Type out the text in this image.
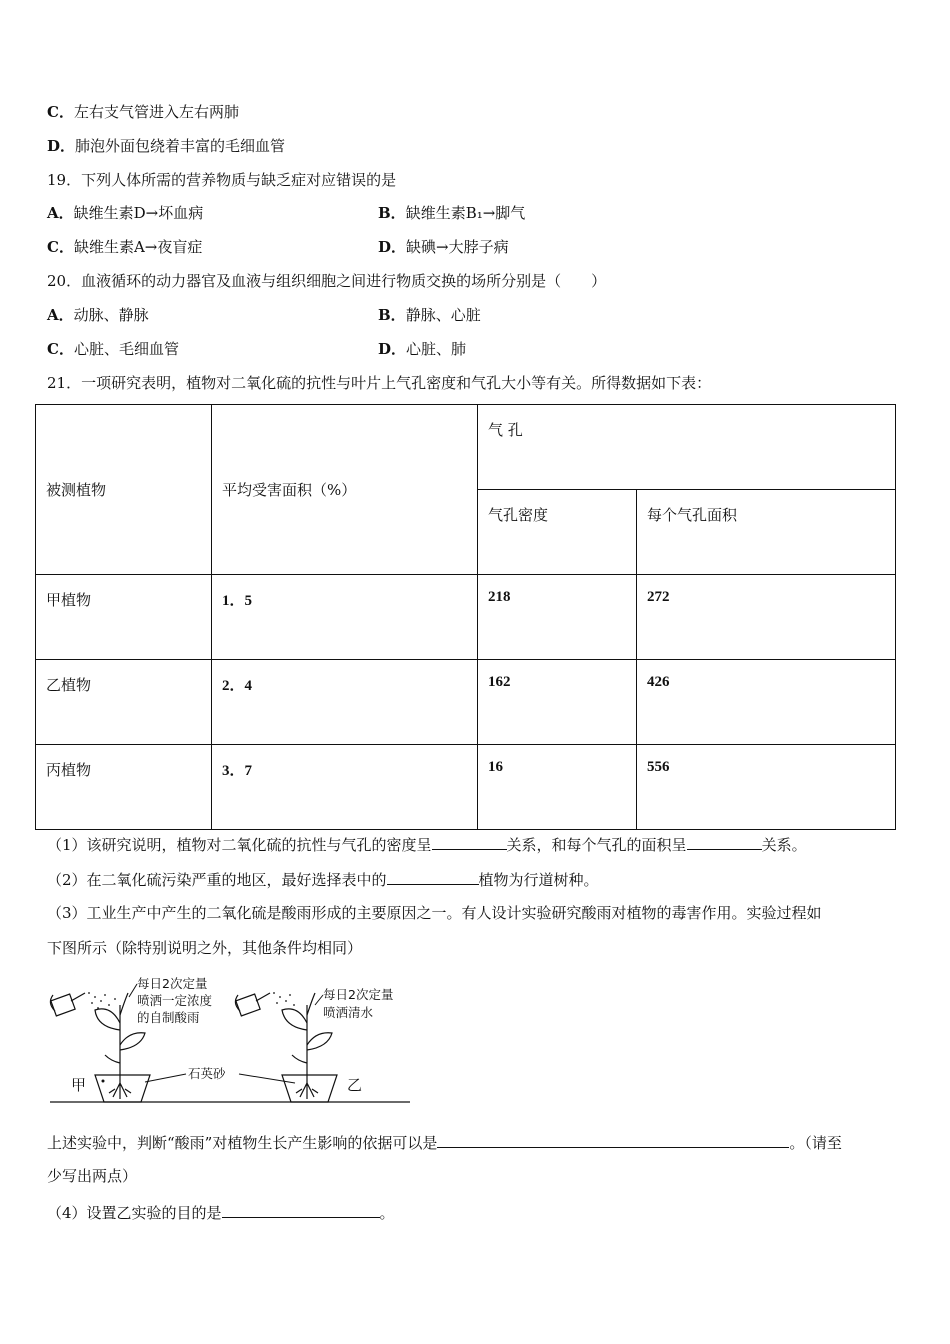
C．左右支气管进入左右两肺
D．肺泡外面包绕着丰富的毛细血管
19．下列人体所需的营养物质与缺乏症对应错误的是
A．缺维生素D→坏血病	B．缺维生素B₁→脚气
C．缺维生素A→夜盲症	D．缺碘→大脖子病
20．血液循环的动力器官及血液与组织细胞之间进行物质交换的场所分别是（　　）
A．动脉、静脉	B．静脉、心脏
C．心脏、毛细血管	D．心脏、肺
21．一项研究表明，植物对二氧化硫的抗性与叶片上气孔密度和气孔大小等有关。所得数据如下表：
被测植物	平均受害面积（%）	气 孔	
		气孔密度	每个气孔面积
甲植物	1．5	218	272
乙植物	2．4	162	426
丙植物	3．7	16	556
（1）该研究说明，植物对二氧化硫的抗性与气孔的密度呈	关系，和每个气孔的面积呈	关系。
（2）在二氧化硫污染严重的地区，最好选择表中的	植物为行道树种。
（3）工业生产中产生的二氧化硫是酸雨形成的主要原因之一。有人设计实验研究酸雨对植物的毒害作用。实验过程如
下图所示（除特别说明之外，其他条件均相同）
每日2次定量
喷洒一定浓度
的自制酸雨
石英砂
每日2次定量
喷洒清水
甲	乙
上述实验中，判断“酸雨”对植物生长产生影响的依据可以是	。（请至
少写出两点）
（4）设置乙实验的目的是	。
